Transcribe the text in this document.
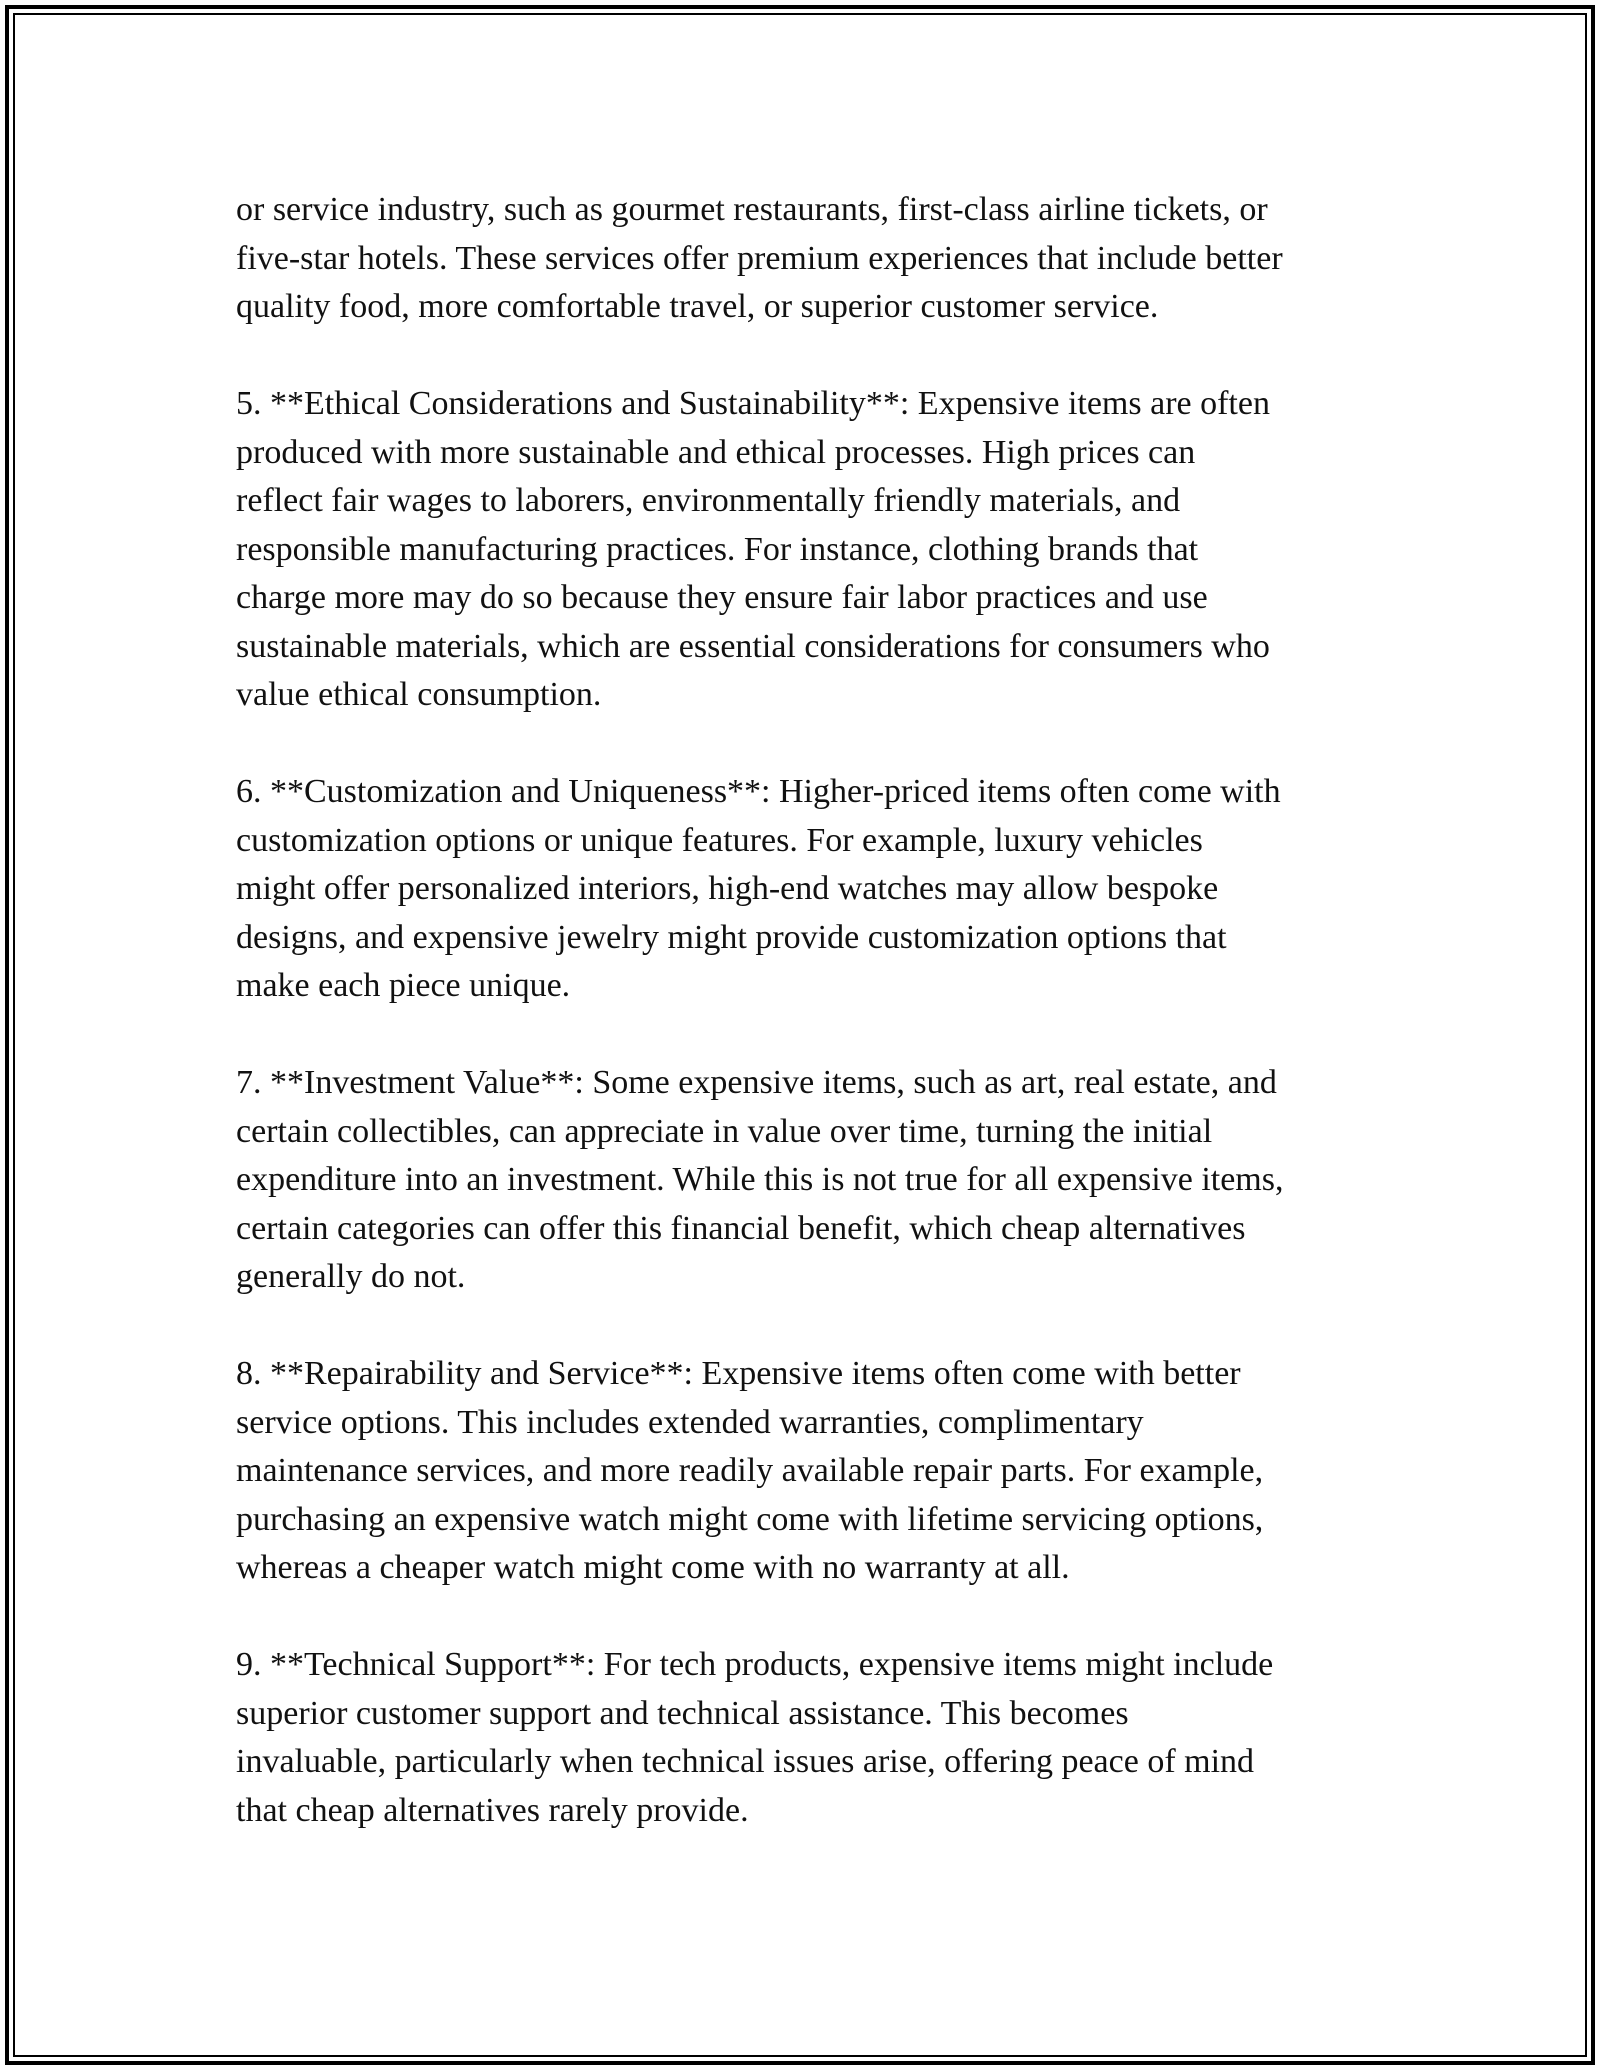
or service industry, such as gourmet restaurants, first-class airline tickets, or
five-star hotels. These services offer premium experiences that include better
quality food, more comfortable travel, or superior customer service.
5. **Ethical Considerations and Sustainability**: Expensive items are often
produced with more sustainable and ethical processes. High prices can
reflect fair wages to laborers, environmentally friendly materials, and
responsible manufacturing practices. For instance, clothing brands that
charge more may do so because they ensure fair labor practices and use
sustainable materials, which are essential considerations for consumers who
value ethical consumption.
6. **Customization and Uniqueness**: Higher-priced items often come with
customization options or unique features. For example, luxury vehicles
might offer personalized interiors, high-end watches may allow bespoke
designs, and expensive jewelry might provide customization options that
make each piece unique.
7. **Investment Value**: Some expensive items, such as art, real estate, and
certain collectibles, can appreciate in value over time, turning the initial
expenditure into an investment. While this is not true for all expensive items,
certain categories can offer this financial benefit, which cheap alternatives
generally do not.
8. **Repairability and Service**: Expensive items often come with better
service options. This includes extended warranties, complimentary
maintenance services, and more readily available repair parts. For example,
purchasing an expensive watch might come with lifetime servicing options,
whereas a cheaper watch might come with no warranty at all.
9. **Technical Support**: For tech products, expensive items might include
superior customer support and technical assistance. This becomes
invaluable, particularly when technical issues arise, offering peace of mind
that cheap alternatives rarely provide.
